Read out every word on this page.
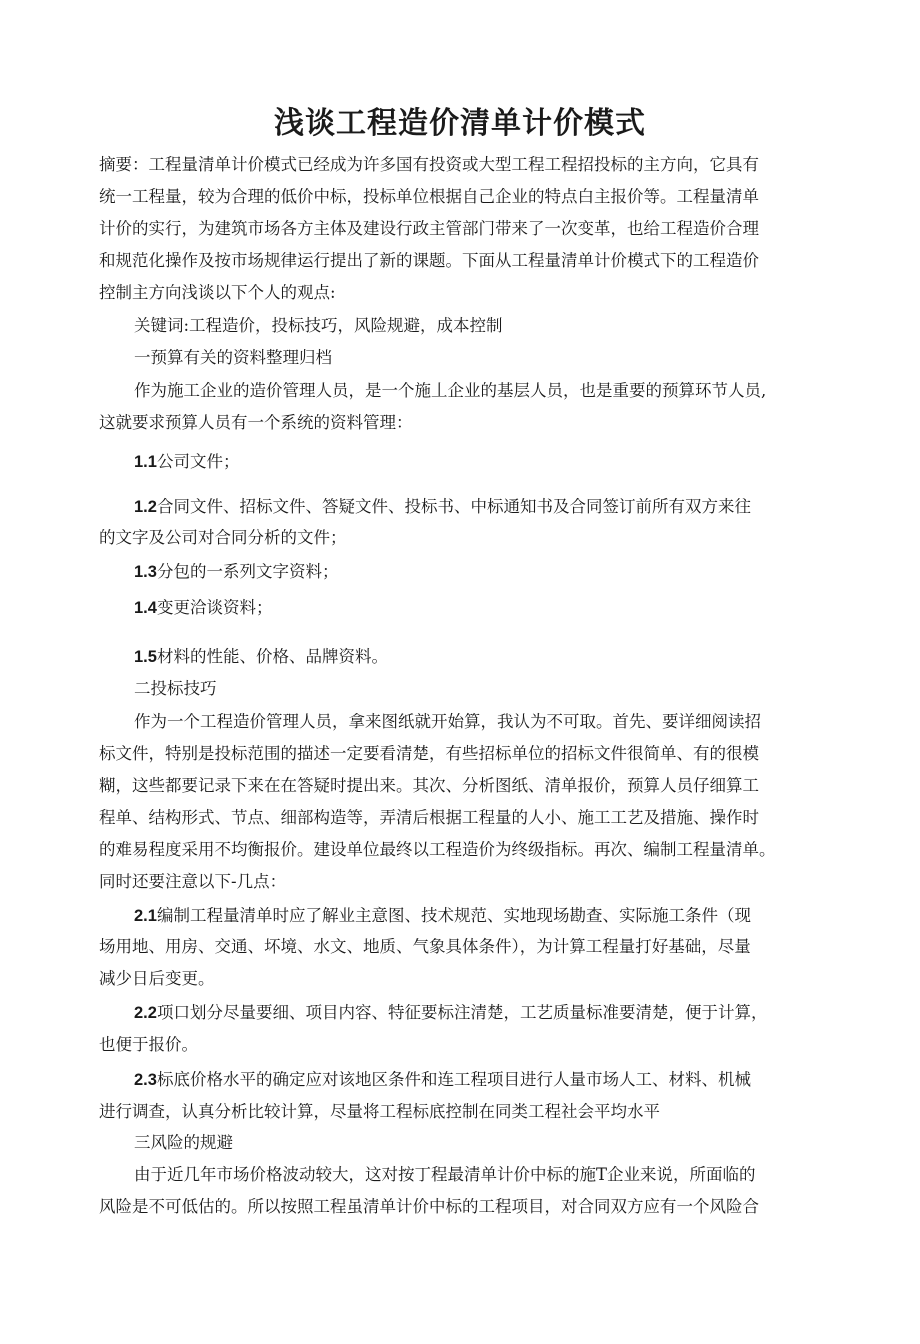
浅谈工程造价清单计价模式
摘要：工程量清单计价模式已经成为许多国有投资或大型工程工程招投标的主方向，它具有
统一工程量，较为合理的低价中标，投标单位根据自己企业的特点白主报价等。工程量清单
计价的实行，为建筑市场各方主体及建设行政主管部门带来了一次变革，也给工程造价合理
和规范化操作及按市场规律运行提出了新的课题。下面从工程量清单计价模式下的工程造价
控制主方向浅谈以下个人的观点:
关键词:工程造价，投标技巧，风险规避，成本控制
一预算有关的资料整理归档
作为施工企业的造价管理人员，是一个施丄企业的基层人员，也是重要的预算环节人员,
这就要求预算人员有一个系统的资料管理：
1.1公司文件；
1.2合同文件、招标文件、答疑文件、投标书、中标通知书及合同签订前所有双方来往
的文字及公司对合同分析的文件；
1.3分包的一系列文字资料；
1.4变更洽谈资料；
1.5材料的性能、价格、品牌资料。
二投标技巧
作为一个工程造价管理人员，拿来图纸就开始算，我认为不可取。首先、要详细阅读招
标文件，特别是投标范围的描述一定要看清楚，有些招标单位的招标文件很简单、有的很模
糊，这些都要记录下来在在答疑时提出来。其次、分析图纸、清单报价，预算人员仔细算工
程单、结构形式、节点、细部构造等，弄清后根据工程量的人小、施工工艺及措施、操作时
的难易程度采用不均衡报价。建设单位最终以工程造价为终级指标。再次、编制工程量清单。
同时还要注意以下-几点：
2.1编制工程量清单时应了解业主意图、技术规范、实地现场勘查、实际施工条件（现
场用地、用房、交通、坏境、水文、地质、气象具体条件），为计算工程量打好基础，尽量
减少日后变更。
2.2项口划分尽量要细、项目内容、特征要标注清楚，工艺质量标准要清楚，便于计算，
也便于报价。
2.3标底价格水平的确定应对该地区条件和连工程项目进行人量市场人工、材料、机械
进行调查，认真分析比较计算，尽量将工程标底控制在同类工程社会平均水平
三风险的规避
由于近几年市场价格波动较大，这对按丁程最清单计价中标的施T企业来说，所面临的
风险是不可低估的。所以按照工程虽清单计价中标的工程项目，对合同双方应有一个风险合
